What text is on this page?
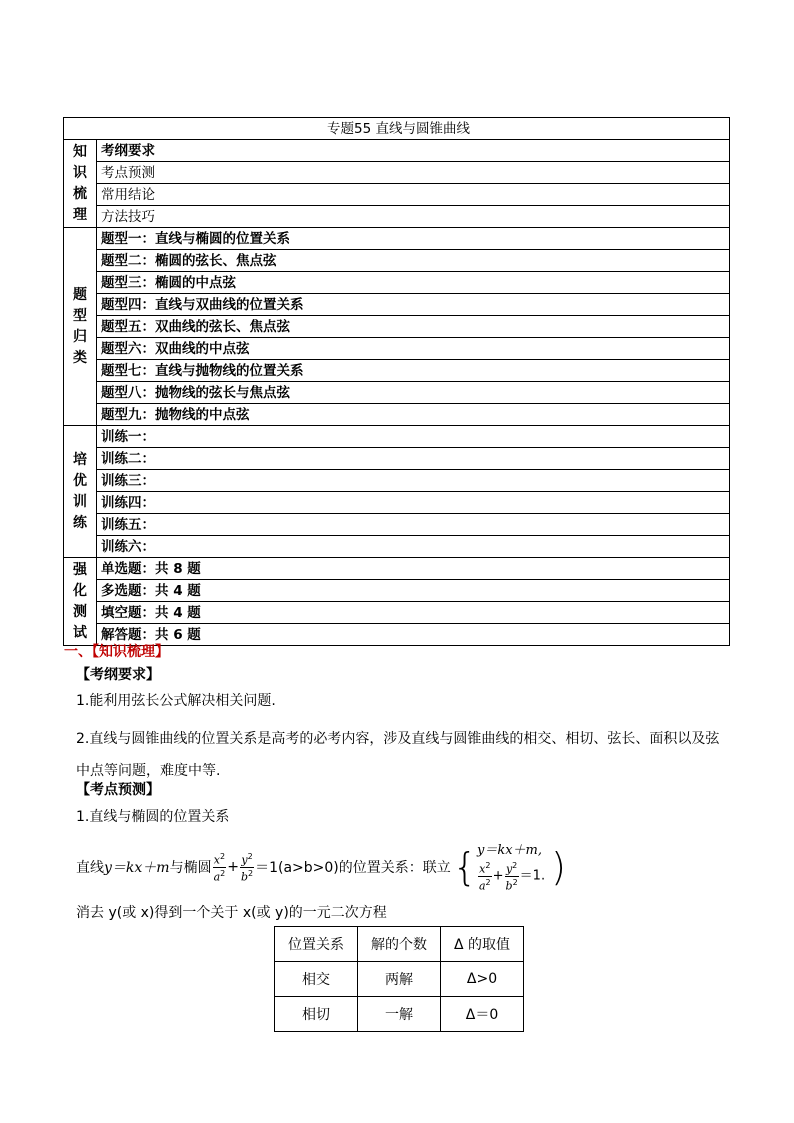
专题55 直线与圆锥曲线	

知
识
梳
理	考纲要求
	考点预测
	常用结论
	方法技巧

题
型
归
类	题型一：直线与椭圆的位置关系
	题型二：椭圆的弦长、焦点弦
	题型三：椭圆的中点弦
	题型四：直线与双曲线的位置关系
	题型五：双曲线的弦长、焦点弦
	题型六：双曲线的中点弦
	题型七：直线与抛物线的位置关系
	题型八：抛物线的弦长与焦点弦
	题型九：抛物线的中点弦

培
优
训
练	训练一：
	训练二：
	训练三：
	训练四：
	训练五：
	训练六：

强
化
测
试	单选题：共 8 题
	多选题：共 4 题
	填空题：共 4 题
	解答题：共 6 题
一、【知识梳理】
【考纲要求】
1.能利用弦长公式解决相关问题.
2.直线与圆锥曲线的位置关系是高考的必考内容，涉及直线与圆锥曲线的相交、相切、弦长、面积以及弦中点等问题，难度中等.
【考点预测】
1.直线与椭圆的位置关系
直线 y＝kx＋m 与椭圆 $\frac{x^2}{a^2} + \frac{y^2}{b^2} =1(a>b>0)$ 的位置关系：联立 { y＝kx＋m,
$\frac{x^2}{a^2} + \frac{y^2}{b^2} =1$. )
消去 y(或 x)得到一个关于 x(或 y)的一元二次方程
位置关系	解的个数	Δ 的取值
相交	两解	Δ>0
相切	一解	Δ＝0
